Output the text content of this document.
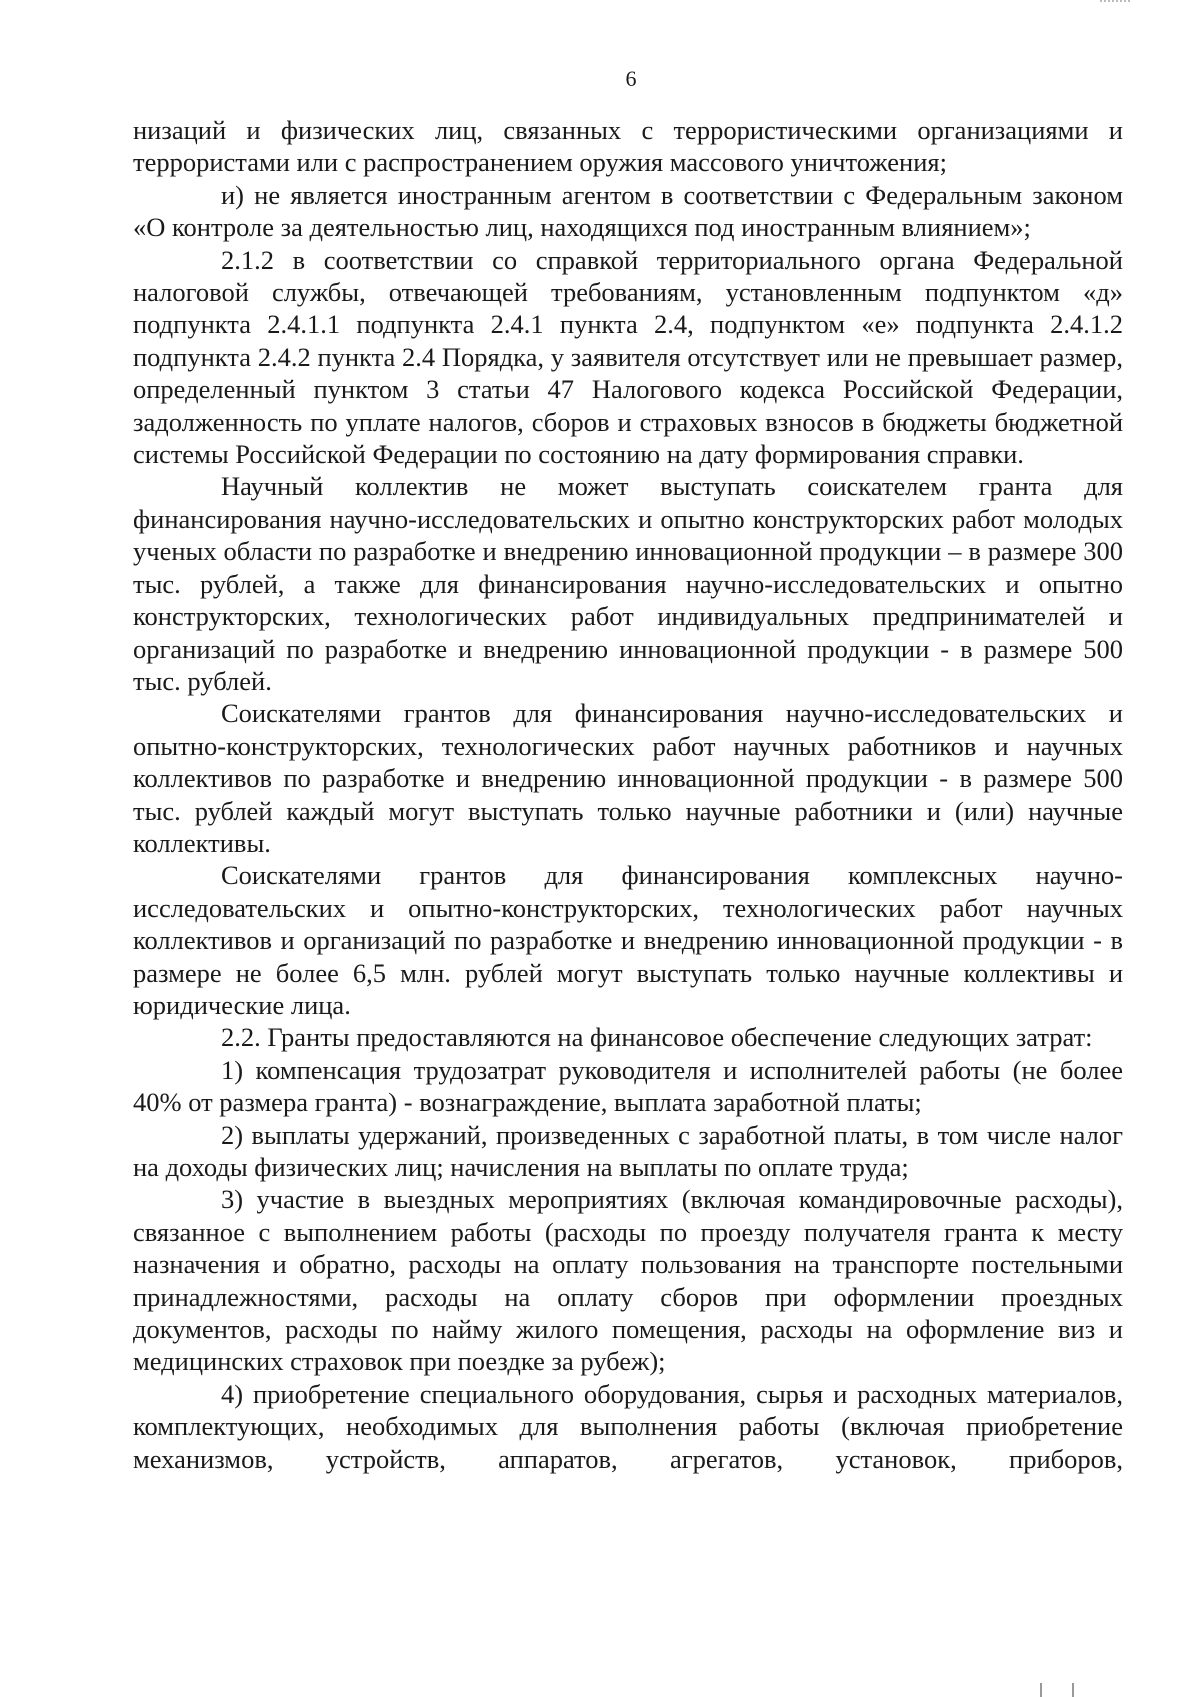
6

низаций и физических лиц, связанных с террористическими организациями и террористами или с распространением оружия массового уничтожения;

и) не является иностранным агентом в соответствии с Федеральным законом «О контроле за деятельностью лиц, находящихся под иностранным влиянием»;

2.1.2 в соответствии со справкой территориального органа Федеральной налоговой службы, отвечающей требованиям, установленным подпунктом «д» подпункта 2.4.1.1 подпункта 2.4.1 пункта 2.4, подпунктом «е» подпункта 2.4.1.2 подпункта 2.4.2 пункта 2.4 Порядка, у заявителя отсутствует или не превышает размер, определенный пунктом 3 статьи 47 Налогового кодекса Российской Федерации, задолженность по уплате налогов, сборов и страховых взносов в бюджеты бюджетной системы Российской Федерации по состоянию на дату формирования справки.

Научный коллектив не может выступать соискателем гранта для финансирования научно-исследовательских и опытно конструкторских работ молодых ученых области по разработке и внедрению инновационной продукции – в размере 300 тыс. рублей, а также для финансирования научно-исследовательских и опытно конструкторских, технологических работ индивидуальных предпринимателей и организаций по разработке и внедрению инновационной продукции - в размере 500 тыс. рублей.

Соискателями грантов для финансирования научно-исследовательских и опытно-конструкторских, технологических работ научных работников и научных коллективов по разработке и внедрению инновационной продукции - в размере 500 тыс. рублей каждый могут выступать только научные работники и (или) научные коллективы.

Соискателями грантов для финансирования комплексных научно-исследовательских и опытно-конструкторских, технологических работ научных коллективов и организаций по разработке и внедрению инновационной продукции - в размере не более 6,5 млн. рублей могут выступать только научные коллективы и юридические лица.

2.2. Гранты предоставляются на финансовое обеспечение следующих затрат:

1) компенсация трудозатрат руководителя и исполнителей работы (не более 40% от размера гранта) - вознаграждение, выплата заработной платы;

2) выплаты удержаний, произведенных с заработной платы, в том числе налог на доходы физических лиц; начисления на выплаты по оплате труда;

3) участие в выездных мероприятиях (включая командировочные расходы), связанное с выполнением работы (расходы по проезду получателя гранта к месту назначения и обратно, расходы на оплату пользования на транспорте постельными принадлежностями, расходы на оплату сборов при оформлении проездных документов, расходы по найму жилого помещения, расходы на оформление виз и медицинских страховок при поездке за рубеж);

4) приобретение специального оборудования, сырья и расходных материалов, комплектующих, необходимых для выполнения работы (включая приобретение механизмов, устройств, аппаратов, агрегатов, установок, приборов,
